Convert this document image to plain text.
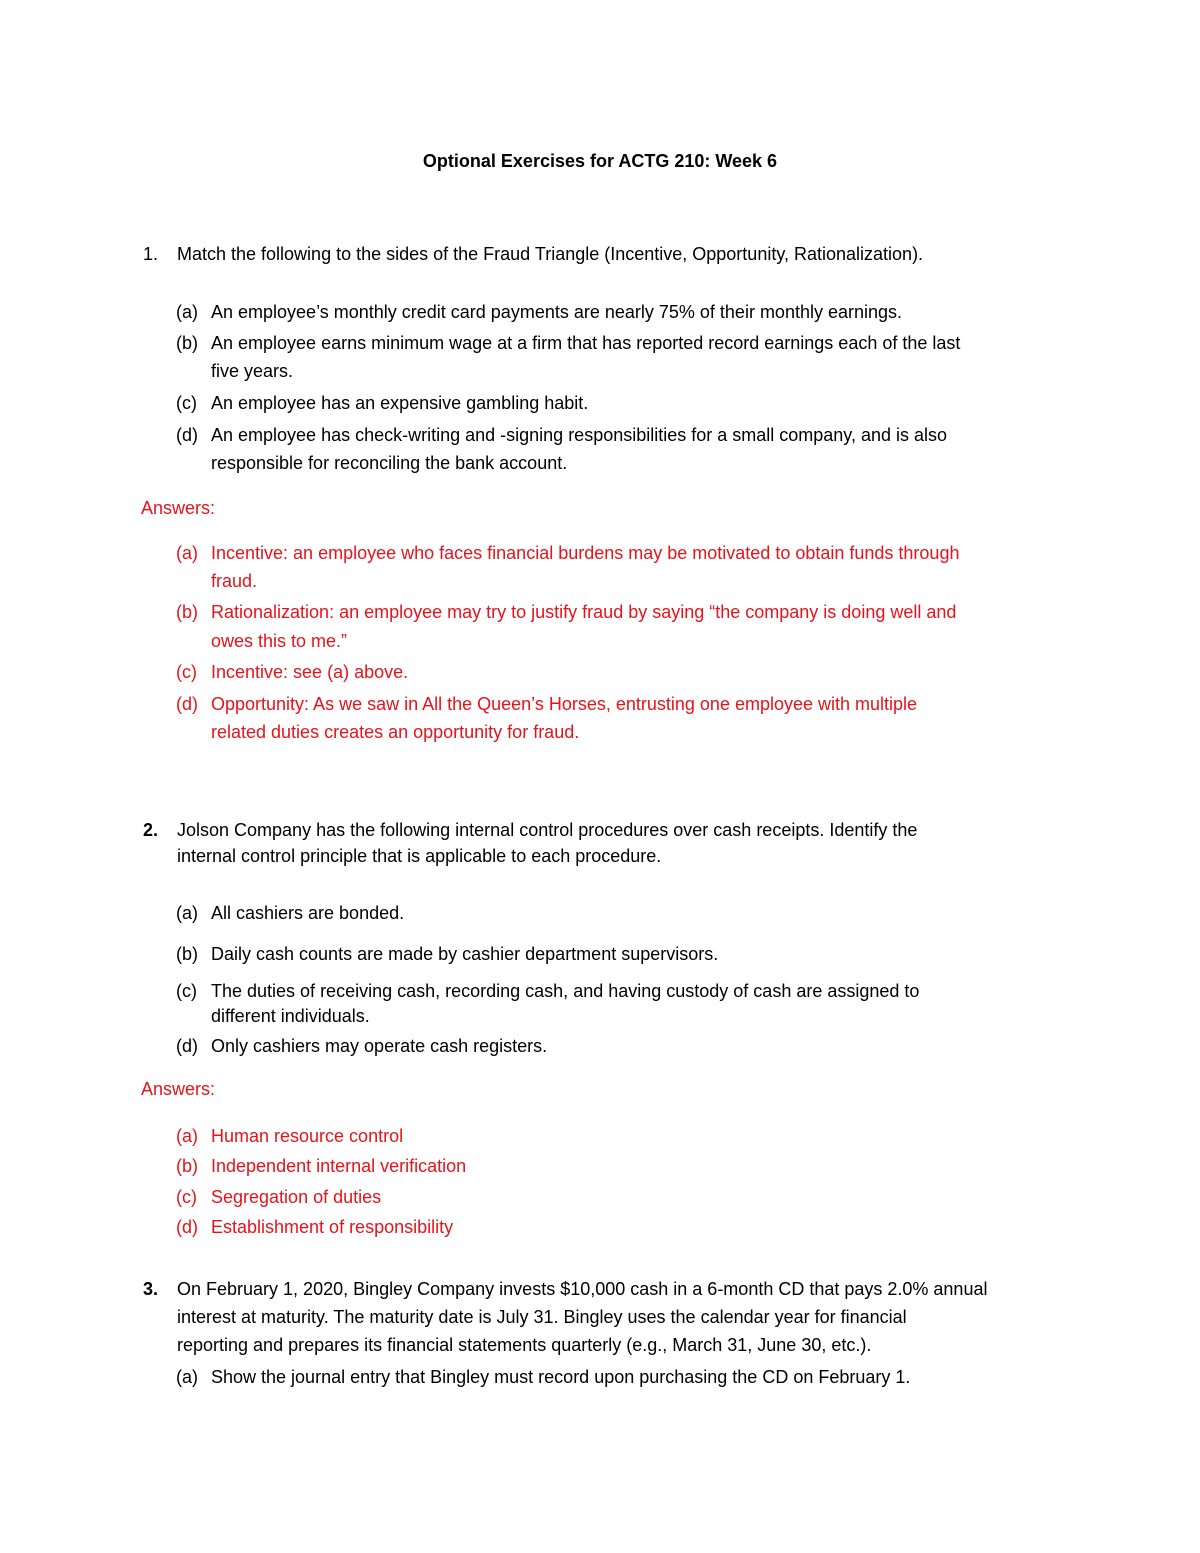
Optional Exercises for ACTG 210: Week 6
1. Match the following to the sides of the Fraud Triangle (Incentive, Opportunity, Rationalization).
(a) An employee’s monthly credit card payments are nearly 75% of their monthly earnings.
(b) An employee earns minimum wage at a firm that has reported record earnings each of the last
five years.
(c) An employee has an expensive gambling habit.
(d) An employee has check-writing and -signing responsibilities for a small company, and is also
responsible for reconciling the bank account.
Answers:
(a) Incentive: an employee who faces financial burdens may be motivated to obtain funds through
fraud.
(b) Rationalization: an employee may try to justify fraud by saying “the company is doing well and
owes this to me.”
(c) Incentive: see (a) above.
(d) Opportunity: As we saw in All the Queen’s Horses, entrusting one employee with multiple
related duties creates an opportunity for fraud.
2. Jolson Company has the following internal control procedures over cash receipts. Identify the
internal control principle that is applicable to each procedure.
(a) All cashiers are bonded.
(b) Daily cash counts are made by cashier department supervisors.
(c) The duties of receiving cash, recording cash, and having custody of cash are assigned to
different individuals.
(d) Only cashiers may operate cash registers.
Answers:
(a) Human resource control
(b) Independent internal verification
(c) Segregation of duties
(d) Establishment of responsibility
3. On February 1, 2020, Bingley Company invests $10,000 cash in a 6-month CD that pays 2.0% annual
interest at maturity. The maturity date is July 31. Bingley uses the calendar year for financial
reporting and prepares its financial statements quarterly (e.g., March 31, June 30, etc.).
(a) Show the journal entry that Bingley must record upon purchasing the CD on February 1.
